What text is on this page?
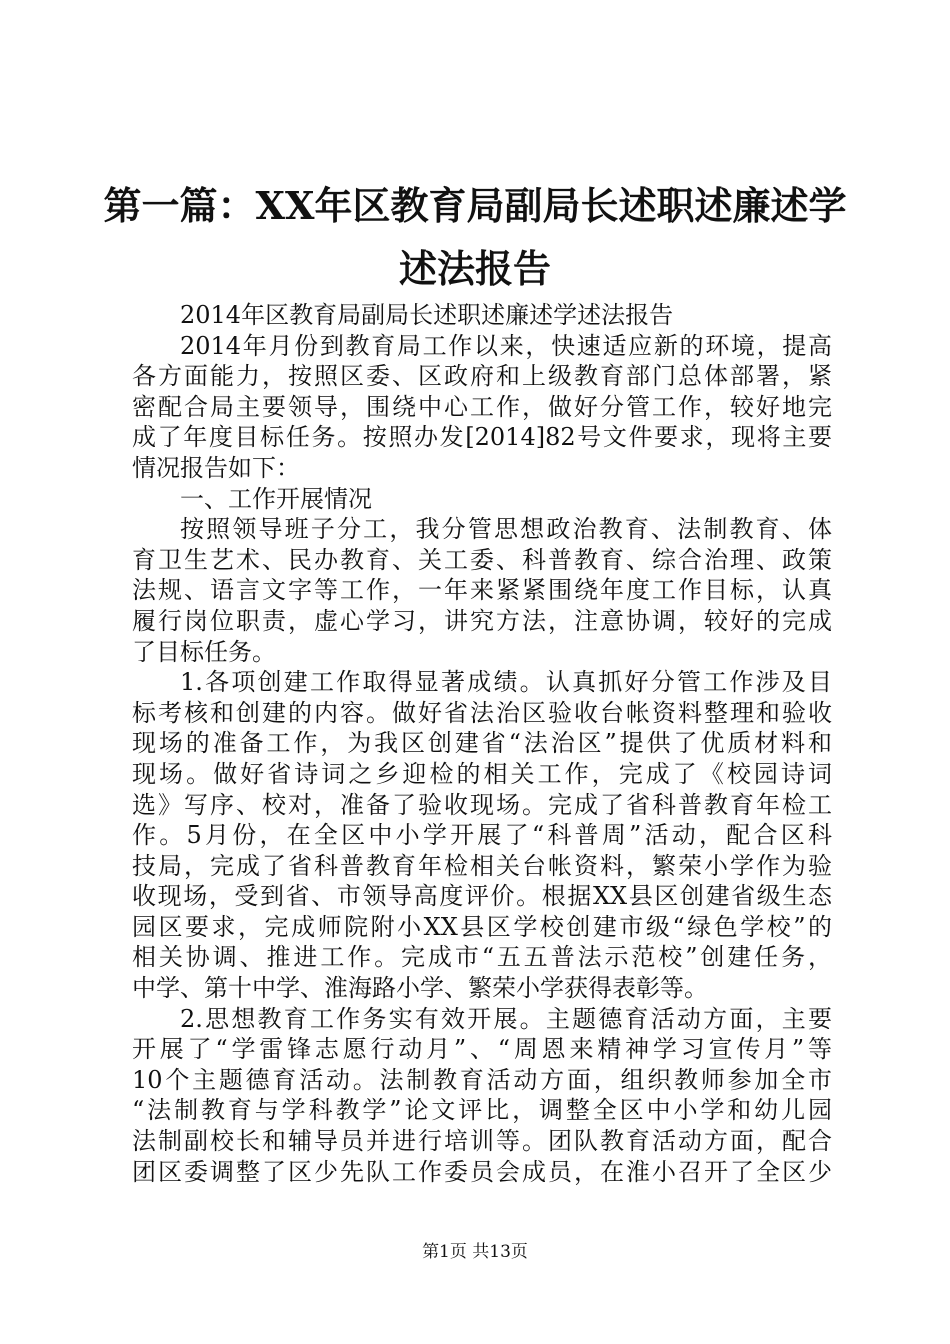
第一篇：XX年区教育局副局长述职述廉述学
述法报告
2014年区教育局副局长述职述廉述学述法报告
2014年月份到教育局工作以来，快速适应新的环境，提高
各方面能力，按照区委、区政府和上级教育部门总体部署，紧
密配合局主要领导，围绕中心工作，做好分管工作，较好地完
成了年度目标任务。按照办发[2014]82号文件要求，现将主要
情况报告如下：
一、工作开展情况
按照领导班子分工，我分管思想政治教育、法制教育、体
育卫生艺术、民办教育、关工委、科普教育、综合治理、政策
法规、语言文字等工作，一年来紧紧围绕年度工作目标，认真
履行岗位职责，虚心学习，讲究方法，注意协调，较好的完成
了目标任务。
1.各项创建工作取得显著成绩。认真抓好分管工作涉及目
标考核和创建的内容。做好省法治区验收台帐资料整理和验收
现场的准备工作，为我区创建省“法治区”提供了优质材料和
现场。做好省诗词之乡迎检的相关工作，完成了《校园诗词
选》写序、校对，准备了验收现场。完成了省科普教育年检工
作。5月份，在全区中小学开展了“科普周”活动，配合区科
技局，完成了省科普教育年检相关台帐资料，繁荣小学作为验
收现场，受到省、市领导高度评价。根据XX县区创建省级生态
园区要求，完成师院附小XX县区学校创建市级“绿色学校”的
相关协调、推进工作。完成市“五五普法示范校”创建任务，
中学、第十中学、淮海路小学、繁荣小学获得表彰等。
2.思想教育工作务实有效开展。主题德育活动方面，主要
开展了“学雷锋志愿行动月”、“周恩来精神学习宣传月”等
10个主题德育活动。法制教育活动方面，组织教师参加全市
“法制教育与学科教学”论文评比，调整全区中小学和幼儿园
法制副校长和辅导员并进行培训等。团队教育活动方面，配合
团区委调整了区少先队工作委员会成员，在淮小召开了全区少
第1页 共13页
